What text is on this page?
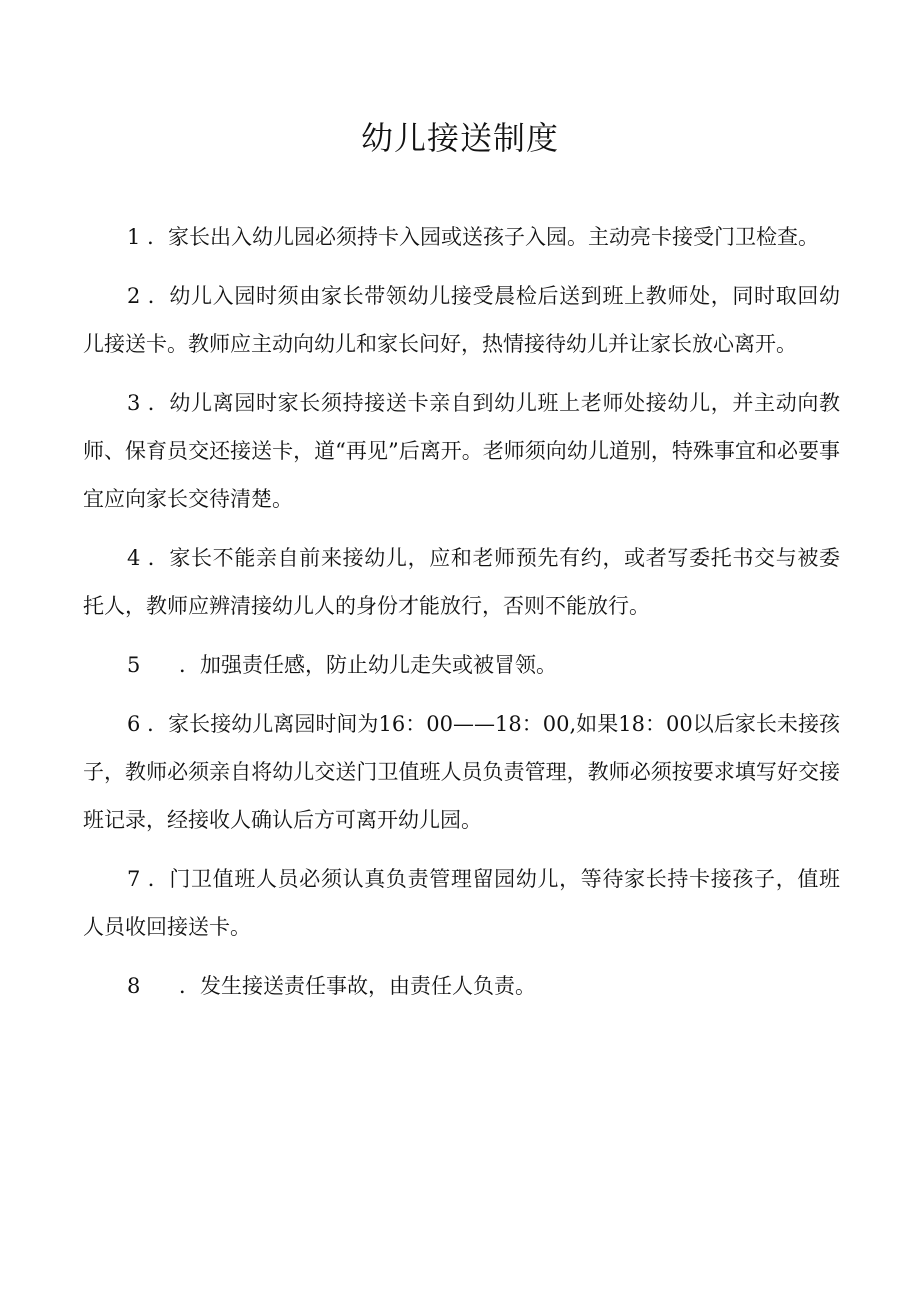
幼儿接送制度

1 ．家长出入幼儿园必须持卡入园或送孩子入园。主动亮卡接受门卫检查。

2 ．幼儿入园时须由家长带领幼儿接受晨检后送到班上教师处，同时取回幼儿接送卡。教师应主动向幼儿和家长问好，热情接待幼儿并让家长放心离开。

3 ．幼儿离园时家长须持接送卡亲自到幼儿班上老师处接幼儿，并主动向教师、保育员交还接送卡，道“再见”后离开。老师须向幼儿道别，特殊事宜和必要事宜应向家长交待清楚。

4 ．家长不能亲自前来接幼儿，应和老师预先有约，或者写委托书交与被委托人，教师应辨清接幼儿人的身份才能放行，否则不能放行。

5 ．加强责任感，防止幼儿走失或被冒领。

6 ．家长接幼儿离园时间为16：00——18：00,如果18：00以后家长未接孩子，教师必须亲自将幼儿交送门卫值班人员负责管理，教师必须按要求填写好交接班记录，经接收人确认后方可离开幼儿园。

7 ．门卫值班人员必须认真负责管理留园幼儿，等待家长持卡接孩子，值班人员收回接送卡。

8 ．发生接送责任事故，由责任人负责。
